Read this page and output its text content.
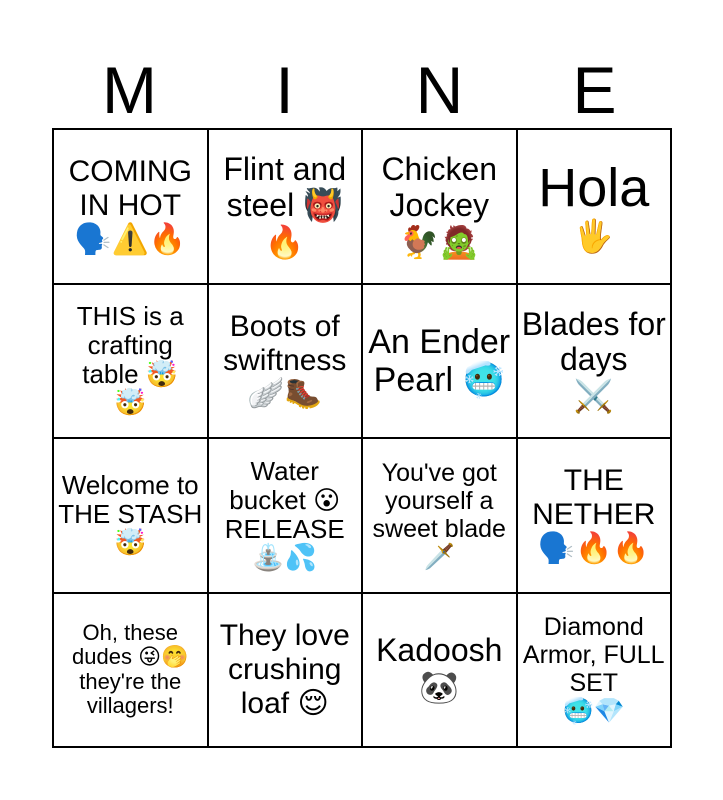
M	I	N	E
COMING IN HOT
🗣️⚠️🔥
Flint and steel 👹
🔥
Chicken Jockey
🐓🧟
Hola
🖐️
THIS is a crafting table 🤯
🤯
Boots of swiftness
🪽🥾
An Ender Pearl 🥶
Blades for days
⚔️
Welcome to THE STASH
🤯
Water bucket 😮 RELEASE
⛲💦
You've got yourself a sweet blade 🗡️
THE NETHER
🗣️🔥🔥
Oh, these dudes 😜🤭 they're the villagers!
They love crushing loaf 😌
Kadoosh
🐼
Diamond Armor, FULL SET
🥶💎
